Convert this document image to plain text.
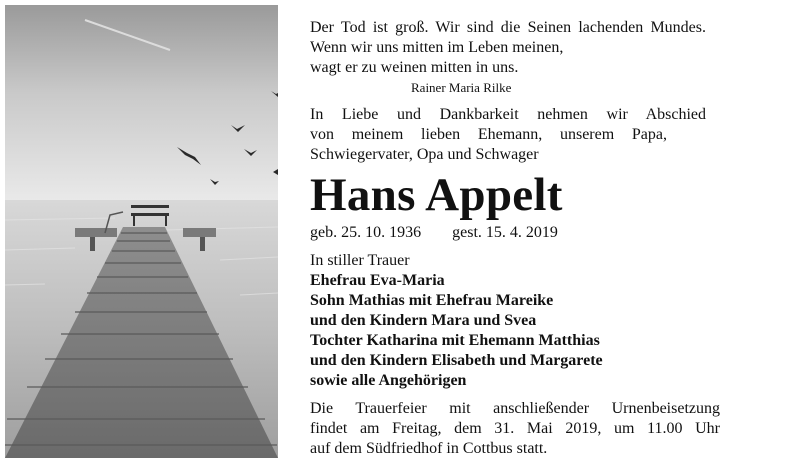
Der Tod ist groß. Wir sind die Seinen lachenden Mundes.
Wenn wir uns mitten im Leben meinen,
wagt er zu weinen mitten in uns.
Rainer Maria Rilke
In Liebe und Dankbarkeit nehmen wir Abschied
von meinem lieben Ehemann, unserem Papa,
Schwiegervater, Opa und Schwager
Hans Appelt
geb. 25. 10. 1936 gest. 15. 4. 2019
In stiller Trauer
Ehefrau Eva-Maria
Sohn Mathias mit Ehefrau Mareike
und den Kindern Mara und Svea
Tochter Katharina mit Ehemann Matthias
und den Kindern Elisabeth und Margarete
sowie alle Angehörigen
Die Trauerfeier mit anschließender Urnenbeisetzung
findet am Freitag, dem 31. Mai 2019, um 11.00 Uhr
auf dem Südfriedhof in Cottbus statt.
